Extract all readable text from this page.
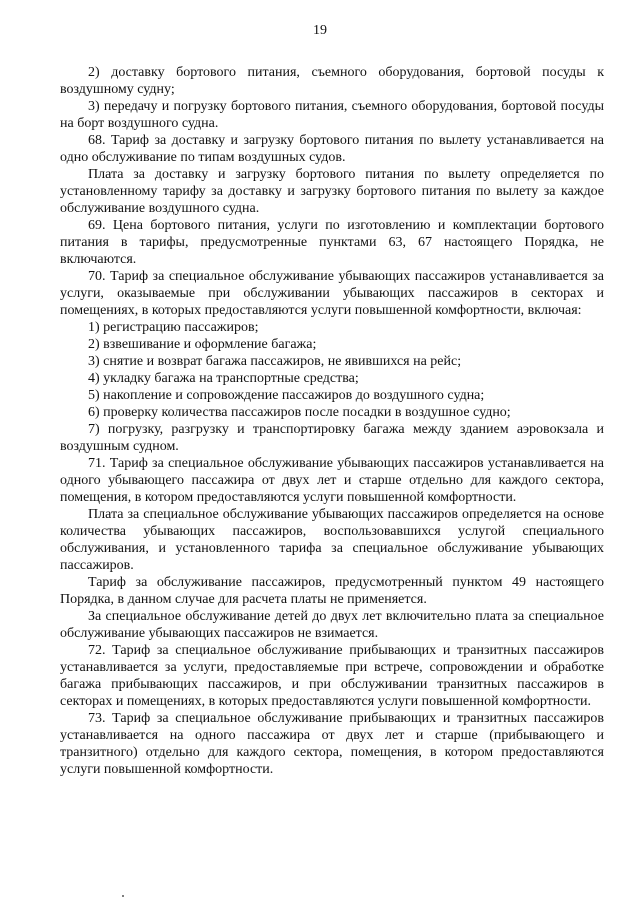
19

2) доставку бортового питания, съемного оборудования, бортовой посуды к воздушному судну;

3) передачу и погрузку бортового питания, съемного оборудования, бортовой посуды на борт воздушного судна.

68. Тариф за доставку и загрузку бортового питания по вылету устанавливается на одно обслуживание по типам воздушных судов.

Плата за доставку и загрузку бортового питания по вылету определяется по установленному тарифу за доставку и загрузку бортового питания по вылету за каждое обслуживание воздушного судна.

69. Цена бортового питания, услуги по изготовлению и комплектации бортового питания в тарифы, предусмотренные пунктами 63, 67 настоящего Порядка, не включаются.

70. Тариф за специальное обслуживание убывающих пассажиров устанавливается за услуги, оказываемые при обслуживании убывающих пассажиров в секторах и помещениях, в которых предоставляются услуги повышенной комфортности, включая:

1) регистрацию пассажиров;

2) взвешивание и оформление багажа;

3) снятие и возврат багажа пассажиров, не явившихся на рейс;

4) укладку багажа на транспортные средства;

5) накопление и сопровождение пассажиров до воздушного судна;

6) проверку количества пассажиров после посадки в воздушное судно;

7) погрузку, разгрузку и транспортировку багажа между зданием аэровокзала и воздушным судном.

71. Тариф за специальное обслуживание убывающих пассажиров устанавливается на одного убывающего пассажира от двух лет и старше отдельно для каждого сектора, помещения, в котором предоставляются услуги повышенной комфортности.

Плата за специальное обслуживание убывающих пассажиров определяется на основе количества убывающих пассажиров, воспользовавшихся услугой специального обслуживания, и установленного тарифа за специальное обслуживание убывающих пассажиров.

Тариф за обслуживание пассажиров, предусмотренный пунктом 49 настоящего Порядка, в данном случае для расчета платы не применяется.

За специальное обслуживание детей до двух лет включительно плата за специальное обслуживание убывающих пассажиров не взимается.

72. Тариф за специальное обслуживание прибывающих и транзитных пассажиров устанавливается за услуги, предоставляемые при встрече, сопровождении и обработке багажа прибывающих пассажиров, и при обслуживании транзитных пассажиров в секторах и помещениях, в которых предоставляются услуги повышенной комфортности.

73. Тариф за специальное обслуживание прибывающих и транзитных пассажиров устанавливается на одного пассажира от двух лет и старше (прибывающего и транзитного) отдельно для каждого сектора, помещения, в котором предоставляются услуги повышенной комфортности.
